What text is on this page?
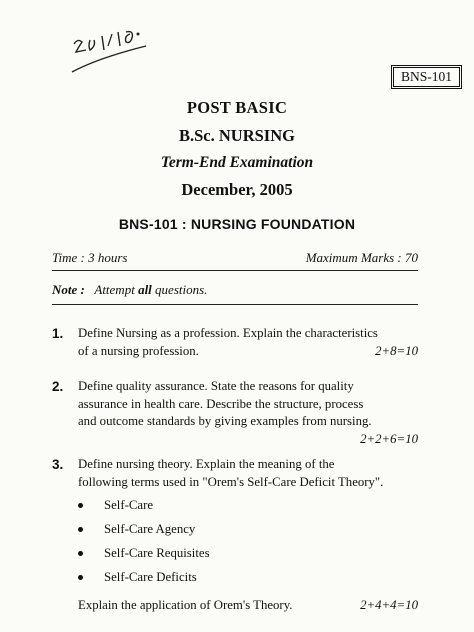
BNS-101
POST BASIC
B.Sc. NURSING
Term-End Examination
December, 2005
BNS-101 : NURSING FOUNDATION
Time : 3 hours	Maximum Marks : 70
Note : Attempt all questions.
1. Define Nursing as a profession. Explain the characteristics
of a nursing profession.	2+8=10
2. Define quality assurance. State the reasons for quality
assurance in health care. Describe the structure, process
and outcome standards by giving examples from nursing.
2+2+6=10
3. Define nursing theory. Explain the meaning of the
following terms used in "Orem's Self-Care Deficit Theory".
Self-Care
Self-Care Agency
Self-Care Requisites
Self-Care Deficits
Explain the application of Orem's Theory.	2+4+4=10
